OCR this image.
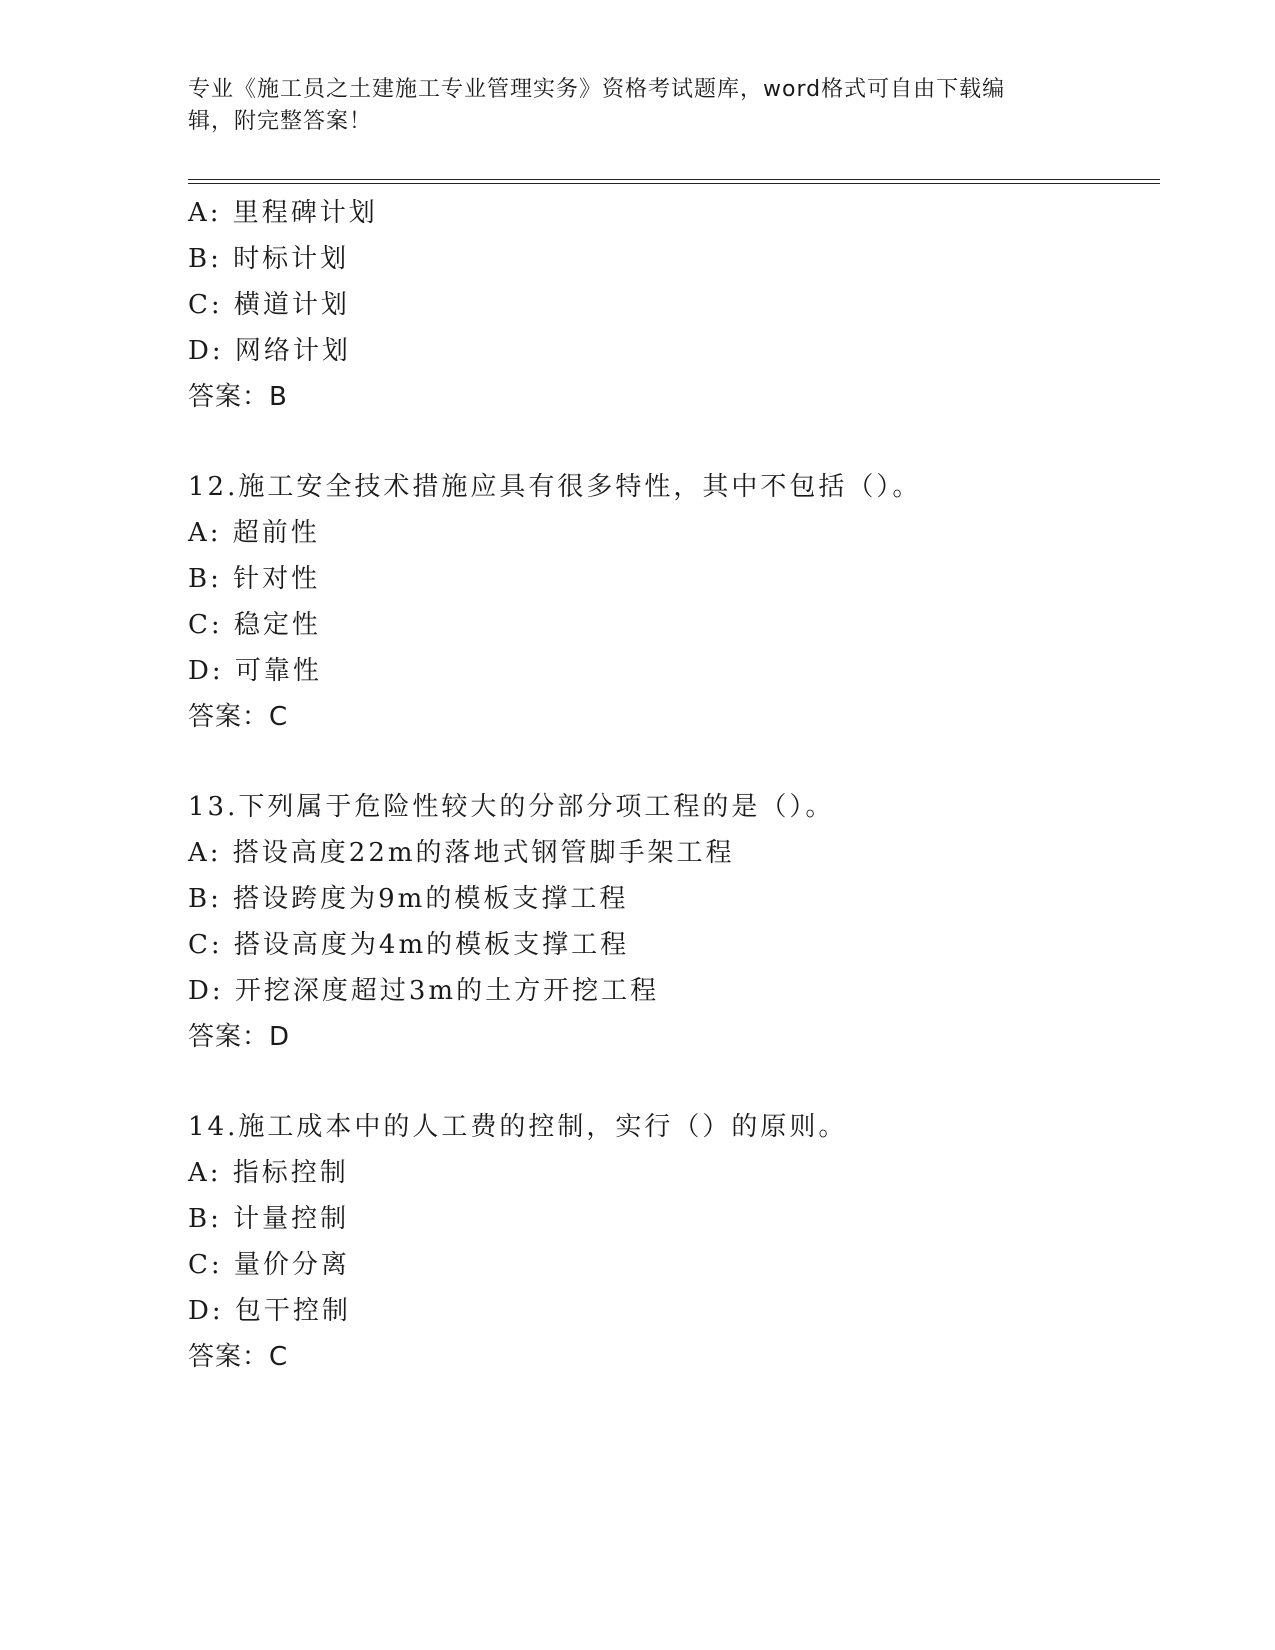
专业《施工员之土建施工专业管理实务》资格考试题库，word格式可自由下载编
辑，附完整答案！
A: 里程碑计划
B: 时标计划
C: 横道计划
D: 网络计划
答案：B
12.施工安全技术措施应具有很多特性，其中不包括（）。
A: 超前性
B: 针对性
C: 稳定性
D: 可靠性
答案：C
13.下列属于危险性较大的分部分项工程的是（）。
A: 搭设高度22m的落地式钢管脚手架工程
B: 搭设跨度为9m的模板支撑工程
C: 搭设高度为4m的模板支撑工程
D: 开挖深度超过3m的土方开挖工程
答案：D
14.施工成本中的人工费的控制，实行（）的原则。
A: 指标控制
B: 计量控制
C: 量价分离
D: 包干控制
答案：C
